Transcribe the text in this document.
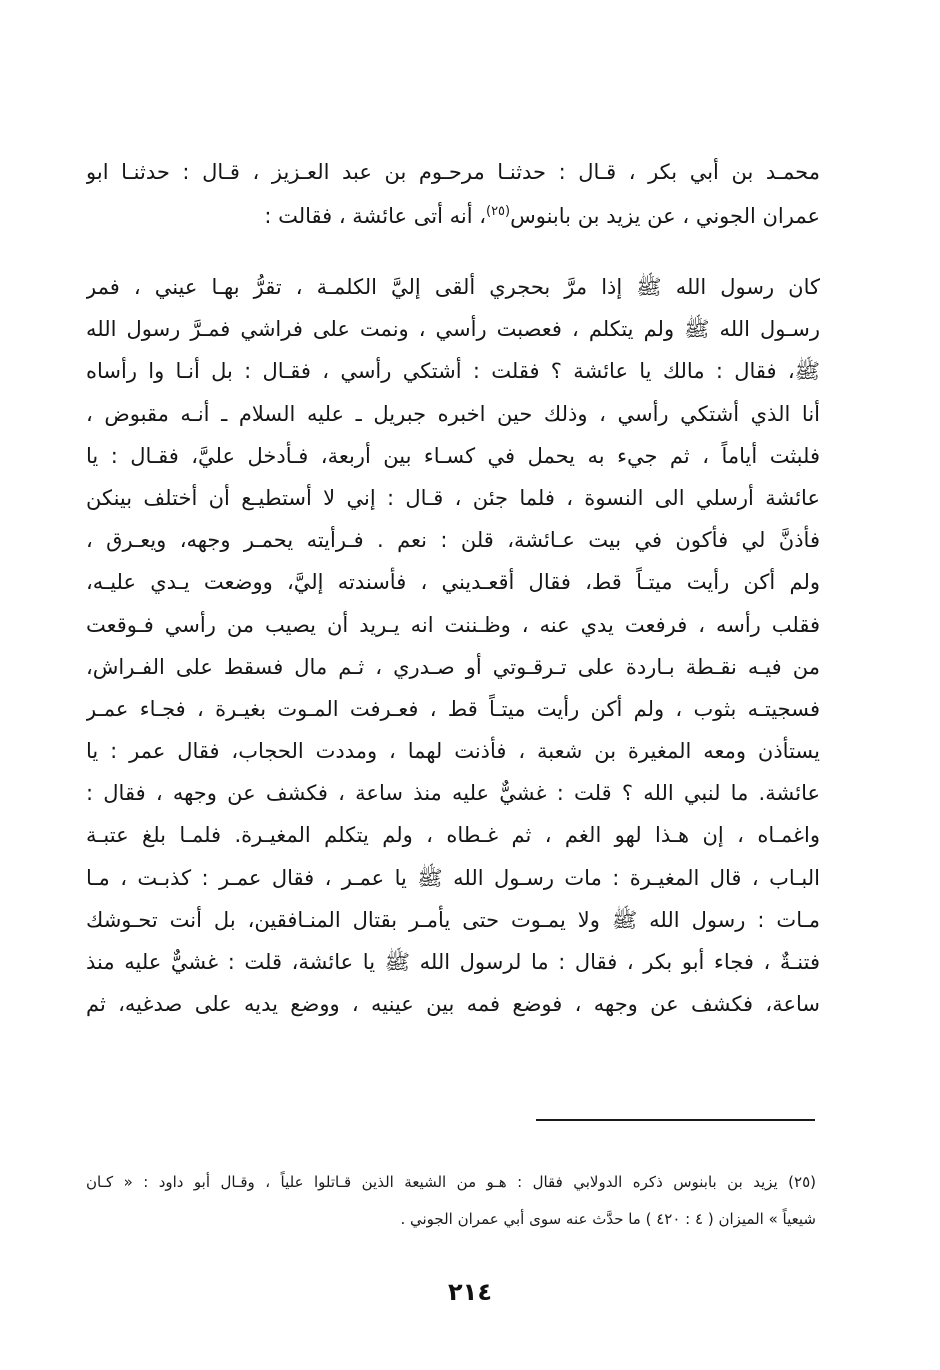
محمـد بن أبي بكر ، قـال : حدثنـا مرحـوم بن عبد العـزيز ، قـال : حدثنـا ابو
عمران الجوني ، عن يزيد بن بابنوس$^{(٢٥)}$، أنه أتى عائشة ، فقالت :
كان رسول الله ﷺ إذا مرَّ بحجري ألقى إليَّ الكلمـة ، تقرُّ بهـا عيني ، فمر
رسـول الله ﷺ ولم يتكلم ، فعصبت رأسي ، ونمت على فراشي فمـرَّ رسول الله
ﷺ، فقال : مالك يا عائشة ؟ فقلت : أشتكي رأسي ، فقـال : بل أنـا وا رأساه
أنا الذي أشتكي رأسي ، وذلك حين اخبره جبريل ـ عليه السلام ـ أنـه مقبوض ،
فلبثت أياماً ، ثم جيء به يحمل في كسـاء بين أربعة، فـأدخل عليَّ، فقـال : يا
عائشة أرسلي الى النسوة ، فلما جئن ، قـال : إني لا أستطيـع أن أختلف بينكن
فأذنَّ لي فأكون في بيت عـائشة، قلن : نعم . فـرأيته يحمـر وجهه، ويعـرق ،
ولم أكن رأيت ميتـاً قط، فقال أقعـديني ، فأسندته إليَّ، ووضعت يـدي عليـه،
فقلب رأسه ، فرفعت يدي عنه ، وظـننت انه يـريد أن يصيب من رأسي فـوقعت
من فيـه نقـطة بـاردة على تـرقـوتي أو صـدري ، ثـم مال فسقط على الفـراش،
فسجيتـه بثوب ، ولم أكن رأيت ميتـاً قط ، فعـرفت المـوت بغيـرة ، فجـاء عمـر
يستأذن ومعه المغيرة بن شعبة ، فأذنت لهما ، ومددت الحجاب، فقال عمر : يا
عائشة. ما لنبي الله ؟ قلت : غشيٌّ عليه منذ ساعة ، فكشف عن وجهه ، فقال :
واغمـاه ، إن هـذا لهو الغم ، ثم غـطاه ، ولم يتكلم المغيـرة. فلمـا بلغ عتبـة
البـاب ، قال المغيـرة : مات رسـول الله ﷺ يا عمـر ، فقال عمـر : كذبـت ، مـا
مـات : رسول الله ﷺ ولا يمـوت حتى يأمـر بقتال المنـافقين، بل أنت تحـوشك
فتنـةٌ ، فجاء أبو بكر ، فقال : ما لرسول الله ﷺ يا عائشة، قلت : غشيٌّ عليه منذ
ساعة، فكشف عن وجهه ، فوضع فمه بين عينيه ، ووضع يديه على صدغيه، ثم
(٢٥) يزيد بن بابنوس ذكره الدولابي فقال : هـو من الشيعة الذين قـاتلوا علياً ، وقـال أبو داود : « كـان
شيعياً » الميزان ( ٤ : ٤٢٠ ) ما حدَّث عنه سوى أبي عمران الجوني .
٢١٤
